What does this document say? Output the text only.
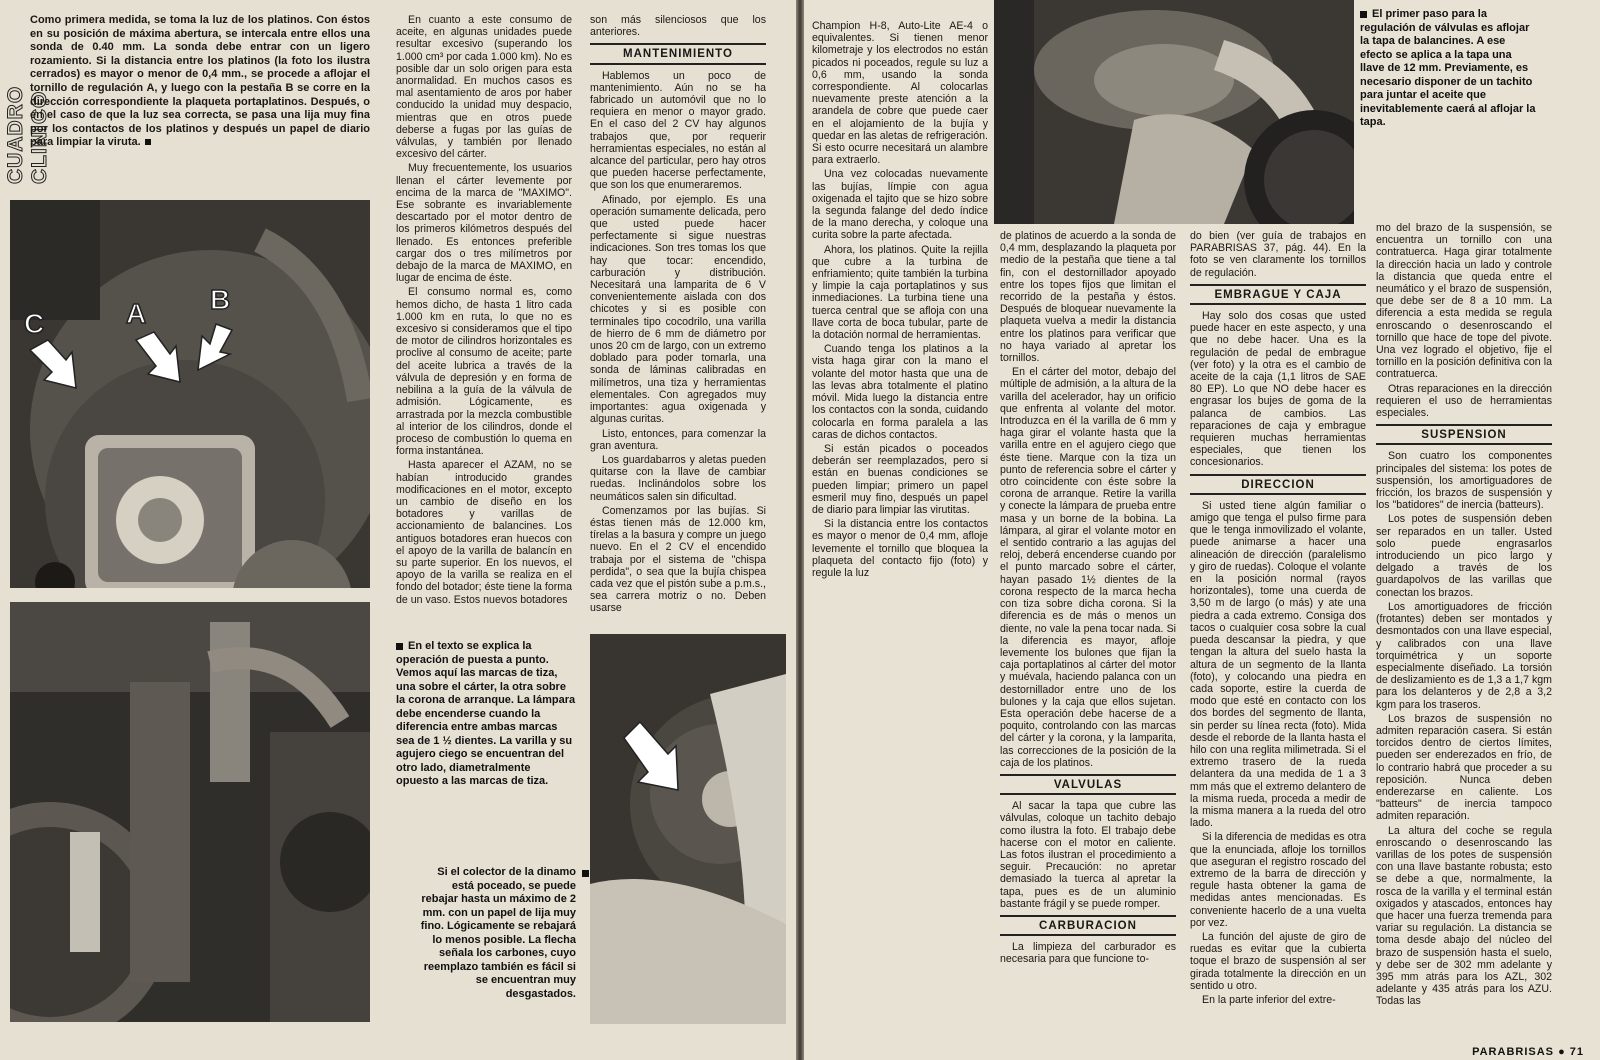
CUADRO CLINICO
Como primera medida, se toma la luz de los platinos. Con éstos en su posición de máxima abertura, se intercala entre ellos una sonda de 0.40 mm. La sonda debe entrar con un ligero rozamiento. Si la distancia entre los platinos (la foto los ilustra cerrados) es mayor o menor de 0,4 mm., se procede a aflojar el tornillo de regulación A, y luego con la pestaña B se corre en la dirección correspondiente la plaqueta portaplatinos. Después, o en el caso de que la luz sea correcta, se pasa una lija muy fina por los contactos de los platinos y después un papel de diario para limpiar la viruta.
C	A B

En cuanto a este consumo de aceite, en algunas unidades puede resultar excesivo (superando los 1.000 cm³ por cada 1.000 km). No es posible dar un solo origen para esta anormalidad. En muchos casos es mal asentamiento de aros por haber conducido la unidad muy despacio, mientras que en otros puede deberse a fugas por las guías de válvulas, y también por llenado excesivo del cárter.

Muy frecuentemente, los usuarios llenan el cárter levemente por encima de la marca de "MAXIMO". Ese sobrante es invariablemente descartado por el motor dentro de los primeros kilómetros después del llenado. Es entonces preferible cargar dos o tres milímetros por debajo de la marca de MAXIMO, en lugar de encima de éste.

El consumo normal es, como hemos dicho, de hasta 1 litro cada 1.000 km en ruta, lo que no es excesivo si consideramos que el tipo de motor de cilindros horizontales es proclive al consumo de aceite; parte del aceite lubrica a través de la válvula de depresión y en forma de nebilina a la guía de la válvula de admisión. Lógicamente, es arrastrada por la mezcla combustible al interior de los cilindros, donde el proceso de combustión lo quema en forma instantánea.

Hasta aparecer el AZAM, no se habían introducido grandes modificaciones en el motor, excepto un cambio de diseño en los botadores y varillas de accionamiento de balancines. Los antiguos botadores eran huecos con el apoyo de la varilla de balancín en su parte superior. En los nuevos, el apoyo de la varilla se realiza en el fondo del botador; éste tiene la forma de un vaso. Estos nuevos botadores

son más silenciosos que los anteriores.

MANTENIMIENTO

Hablemos un poco de mantenimiento. Aún no se ha fabricado un automóvil que no lo requiera en menor o mayor grado. En el caso del 2 CV hay algunos trabajos que, por requerir herramientas especiales, no están al alcance del particular, pero hay otros que pueden hacerse perfectamente, que son los que enumeraremos.

Afinado, por ejemplo. Es una operación sumamente delicada, pero que usted puede hacer perfectamente si sigue nuestras indicaciones. Son tres tomas los que hay que tocar: encendido, carburación y distribución. Necesitará una lamparita de 6 V convenientemente aislada con dos chicotes y si es posible con terminales tipo cocodrilo, una varilla de hierro de 6 mm de diámetro por unos 20 cm de largo, con un extremo doblado para poder tomarla, una sonda de láminas calibradas en milímetros, una tiza y herramientas elementales. Con agregados muy importantes: agua oxigenada y algunas curitas.

Listo, entonces, para comenzar la gran aventura.

Los guardabarros y aletas pueden quitarse con la llave de cambiar ruedas. Inclinándolos sobre los neumáticos salen sin dificultad.

Comenzamos por las bujías. Si éstas tienen más de 12.000 km, tírelas a la basura y compre un juego nuevo. En el 2 CV el encendido trabaja por el sistema de "chispa perdida", o sea que la bujía chispea cada vez que el pistón sube a p.m.s., sea carrera motriz o no. Deben usarse

En el texto se explica la operación de puesta a punto. Vemos aquí las marcas de tiza, una sobre el cárter, la otra sobre la corona de arranque. La lámpara debe encenderse cuando la diferencia entre ambas marcas sea de 1 ½ dientes. La varilla y su agujero ciego se encuentran del otro lado, diametralmente opuesto a las marcas de tiza.
Si el colector de la dinamo está poceado, se puede rebajar hasta un máximo de 2 mm. con un papel de lija muy fino. Lógicamente se rebajará lo menos posible. La flecha señala los carbones, cuyo reemplazo también es fácil si se encuentran muy desgastados.

Champion H-8, Auto-Lite AE-4 o equivalentes. Si tienen menor kilometraje y los electrodos no están picados ni poceados, regule su luz a 0,6 mm, usando la sonda correspondiente. Al colocarlas nuevamente preste atención a la arandela de cobre que puede caer en el alojamiento de la bujía y quedar en las aletas de refrigeración. Si esto ocurre necesitará un alambre para extraerlo.

Una vez colocadas nuevamente las bujías, límpie con agua oxigenada el tajito que se hizo sobre la segunda falange del dedo índice de la mano derecha, y coloque una curita sobre la parte afectada.

Ahora, los platinos. Quite la rejilla que cubre a la turbina de enfriamiento; quite también la turbina y limpie la caja portaplatinos y sus inmediaciones. La turbina tiene una tuerca central que se afloja con una llave corta de boca tubular, parte de la dotación normal de herramientas.

Cuando tenga los platinos a la vista haga girar con la mano el volante del motor hasta que una de las levas abra totalmente el platino móvil. Mida luego la distancia entre los contactos con la sonda, cuidando colocarla en forma paralela a las caras de dichos contactos.

Si están picados o poceados deberán ser reemplazados, pero si están en buenas condiciones se pueden limpiar; primero un papel esmeril muy fino, después un papel de diario para limpiar las virutitas.

Si la distancia entre los contactos es mayor o menor de 0,4 mm, afloje levemente el tornillo que bloquea la plaqueta del contacto fijo (foto) y regule la luz

El primer paso para la regulación de válvulas es aflojar la tapa de balancines. A ese efecto se aplica a la tapa una llave de 12 mm. Previamente, es necesario disponer de un tachito para juntar el aceite que inevitablemente caerá al aflojar la tapa.

de platinos de acuerdo a la sonda de 0,4 mm, desplazando la plaqueta por medio de la pestaña que tiene a tal fin, con el destornillador apoyado entre los topes fijos que limitan el recorrido de la pestaña y éstos. Después de bloquear nuevamente la plaqueta vuelva a medir la distancia entre los platinos para verificar que no haya variado al apretar los tornillos.

En el cárter del motor, debajo del múltiple de admisión, a la altura de la varilla del acelerador, hay un orificio que enfrenta al volante del motor. Introduzca en él la varilla de 6 mm y haga girar el volante hasta que la varilla entre en el agujero ciego que éste tiene. Marque con la tiza un punto de referencia sobre el cárter y otro coincidente con éste sobre la corona de arranque. Retire la varilla y conecte la lámpara de prueba entre masa y un borne de la bobina. La lámpara, al girar el volante motor en el sentido contrario a las agujas del reloj, deberá encenderse cuando por el punto marcado sobre el cárter, hayan pasado 1½ dientes de la corona respecto de la marca hecha con tiza sobre dicha corona. Si la diferencia es de más o menos un diente, no vale la pena tocar nada. Si la diferencia es mayor, afloje levemente los bulones que fijan la caja portaplatinos al cárter del motor y muévala, haciendo palanca con un destornillador entre uno de los bulones y la caja que ellos sujetan. Esta operación debe hacerse de a poquito, controlando con las marcas del cárter y la corona, y la lamparita, las correcciones de la posición de la caja de los platinos.

VALVULAS

Al sacar la tapa que cubre las válvulas, coloque un tachito debajo como ilustra la foto. El trabajo debe hacerse con el motor en caliente. Las fotos ilustran el procedimiento a seguir. Precaución: no apretar demasiado la tuerca al apretar la tapa, pues es de un aluminio bastante frágil y se puede romper.

CARBURACION

La limpieza del carburador es necesaria para que funcione to-

do bien (ver guía de trabajos en PARABRISAS 37, pág. 44). En la foto se ven claramente los tornillos de regulación.

EMBRAGUE Y CAJA

Hay solo dos cosas que usted puede hacer en este aspecto, y una que no debe hacer. Una es la regulación de pedal de embrague (ver foto) y la otra es el cambio de aceite de la caja (1,1 litros de SAE 80 EP). Lo que NO debe hacer es engrasar los bujes de goma de la palanca de cambios. Las reparaciones de caja y embrague requieren muchas herramientas especiales, que tienen los concesionarios.

DIRECCION

Si usted tiene algún familiar o amigo que tenga el pulso firme para que le tenga inmovilizado el volante, puede animarse a hacer una alineación de dirección (paralelismo y giro de ruedas). Coloque el volante en la posición normal (rayos horizontales), tome una cuerda de 3,50 m de largo (o más) y ate una piedra a cada extremo. Consiga dos tacos o cualquier cosa sobre la cual pueda descansar la piedra, y que tengan la altura del suelo hasta la altura de un segmento de la llanta (foto), y colocando una piedra en cada soporte, estire la cuerda de modo que esté en contacto con los dos bordes del segmento de llanta, sin perder su línea recta (foto). Mida desde el reborde de la llanta hasta el hilo con una reglita milimetrada. Si el extremo trasero de la rueda delantera da una medida de 1 a 3 mm más que el extremo delantero de la misma rueda, proceda a medir de la misma manera a la rueda del otro lado.

Si la diferencia de medidas es otra que la enunciada, afloje los tornillos que aseguran el registro roscado del extremo de la barra de dirección y regule hasta obtener la gama de medidas antes mencionadas. Es conveniente hacerlo de a una vuelta por vez.

La función del ajuste de giro de ruedas es evitar que la cubierta toque el brazo de suspensión al ser girada totalmente la dirección en un sentido u otro.

En la parte inferior del extre-

mo del brazo de la suspensión, se encuentra un tornillo con una contratuerca. Haga girar totalmente la dirección hacia un lado y controle la distancia que queda entre el neumático y el brazo de suspensión, que debe ser de 8 a 10 mm. La diferencia a esta medida se regula enroscando o desenroscando el tornillo que hace de tope del pivote. Una vez logrado el objetivo, fije el tornillo en la posición definitiva con la contratuerca.

Otras reparaciones en la dirección requieren el uso de herramientas especiales.

SUSPENSION

Son cuatro los componentes principales del sistema: los potes de suspensión, los amortiguadores de fricción, los brazos de suspensión y los "batidores" de inercia (batteurs).

Los potes de suspensión deben ser reparados en un taller. Usted solo puede engrasarlos introduciendo un pico largo y delgado a través de los guardapolvos de las varillas que conectan los brazos.

Los amortiguadores de fricción (frotantes) deben ser montados y desmontados con una llave especial, y calibrados con una llave torquimétrica y un soporte especialmente diseñado. La torsión de deslizamiento es de 1,3 a 1,7 kgm para los delanteros y de 2,8 a 3,2 kgm para los traseros.

Los brazos de suspensión no admiten reparación casera. Si están torcidos dentro de ciertos límites, pueden ser enderezados en frío, de lo contrario habrá que proceder a su reposición. Nunca deben enderezarse en caliente. Los "batteurs" de inercia tampoco admiten reparación.

La altura del coche se regula enroscando o desenroscando las varillas de los potes de suspensión con una llave bastante robusta; esto se debe a que, normalmente, la rosca de la varilla y el terminal están oxigados y atascados, entonces hay que hacer una fuerza tremenda para variar su regulación. La distancia se toma desde abajo del núcleo del brazo de suspensión hasta el suelo, y debe ser de 302 mm adelante y 395 mm atrás para los AZL, 302 adelante y 435 atrás para los AZU. Todas las

PARABRISAS ● 71
